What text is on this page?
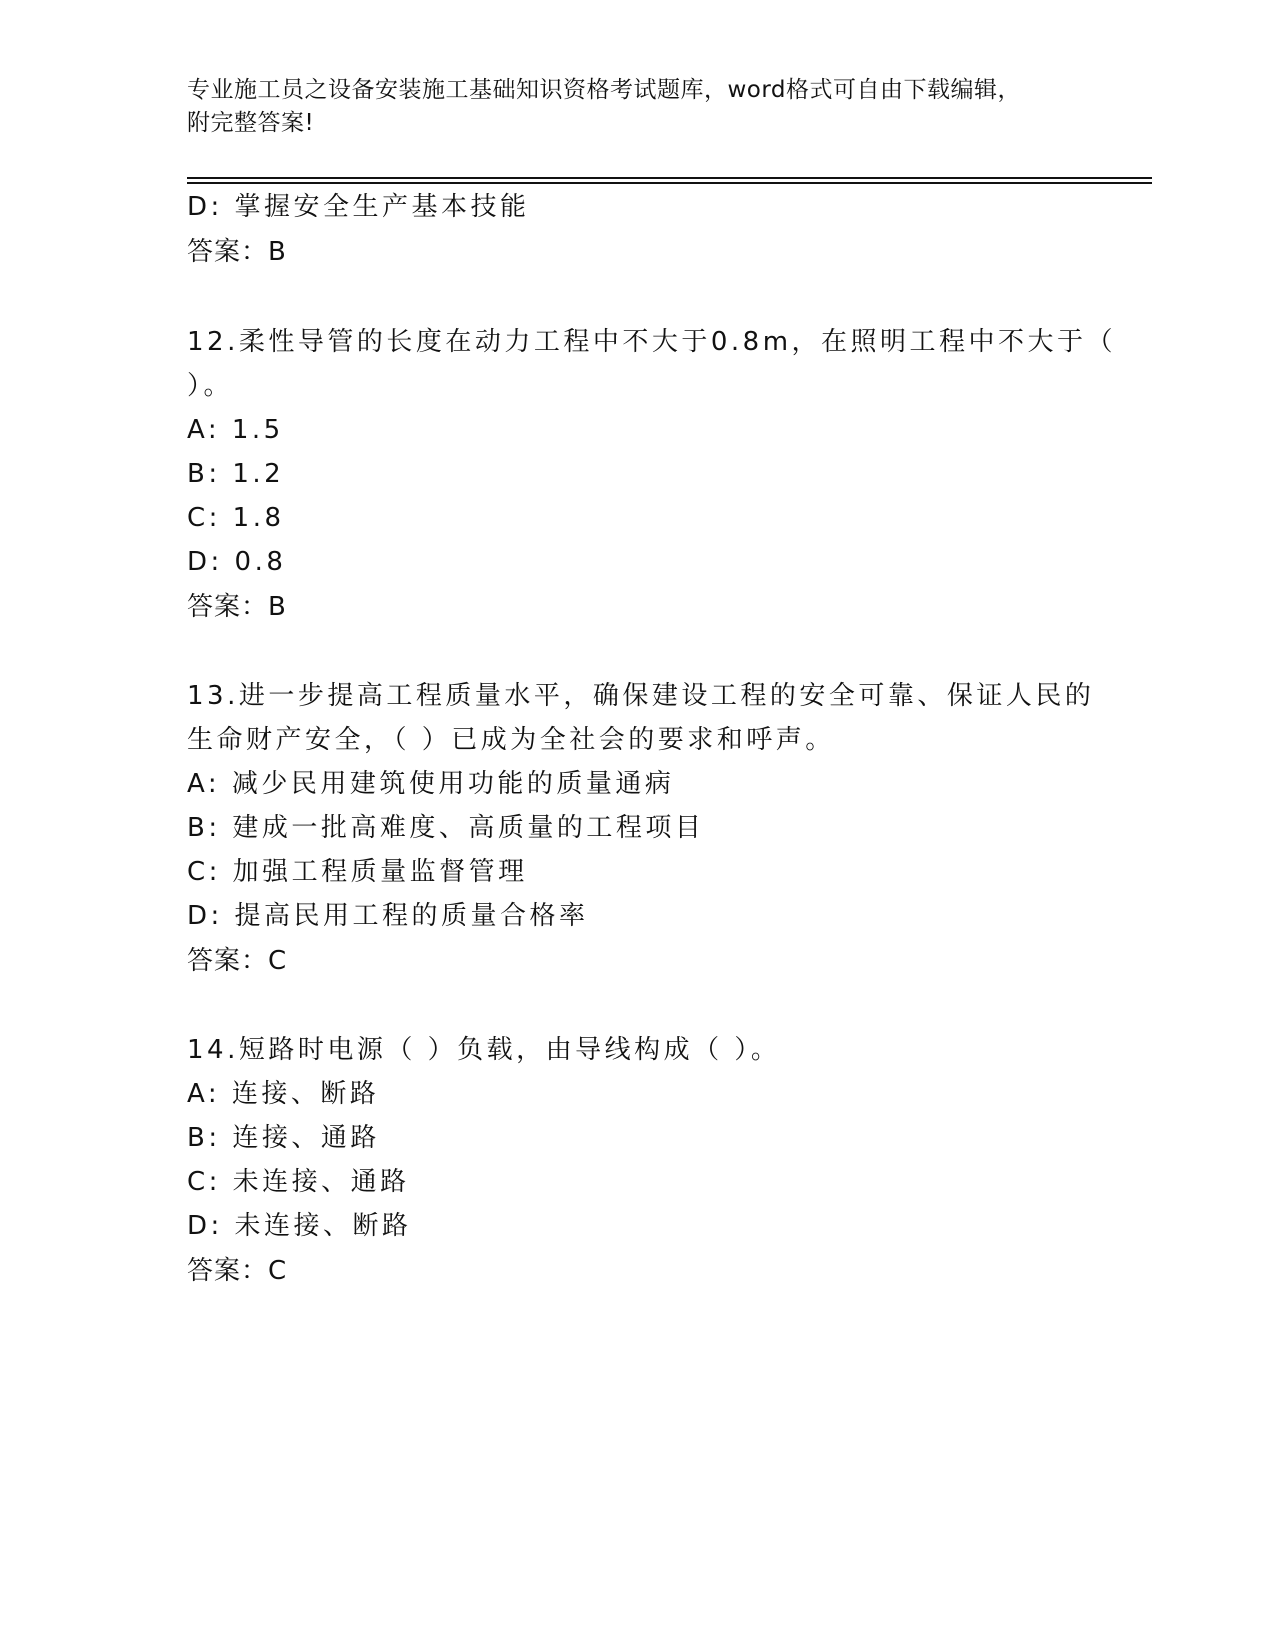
专业施工员之设备安装施工基础知识资格考试题库，word格式可自由下载编辑，
附完整答案!
D: 掌握安全生产基本技能
答案：B
12.柔性导管的长度在动力工程中不大于0.8m，在照明工程中不大于（
）。
A: 1.5
B: 1.2
C: 1.8
D: 0.8
答案：B
13.进一步提高工程质量水平，确保建设工程的安全可靠、保证人民的
生命财产安全，（ ）已成为全社会的要求和呼声。
A: 减少民用建筑使用功能的质量通病
B: 建成一批高难度、高质量的工程项目
C: 加强工程质量监督管理
D: 提高民用工程的质量合格率
答案：C
14.短路时电源（ ）负载，由导线构成（ ）。
A: 连接、断路
B: 连接、通路
C: 未连接、通路
D: 未连接、断路
答案：C
